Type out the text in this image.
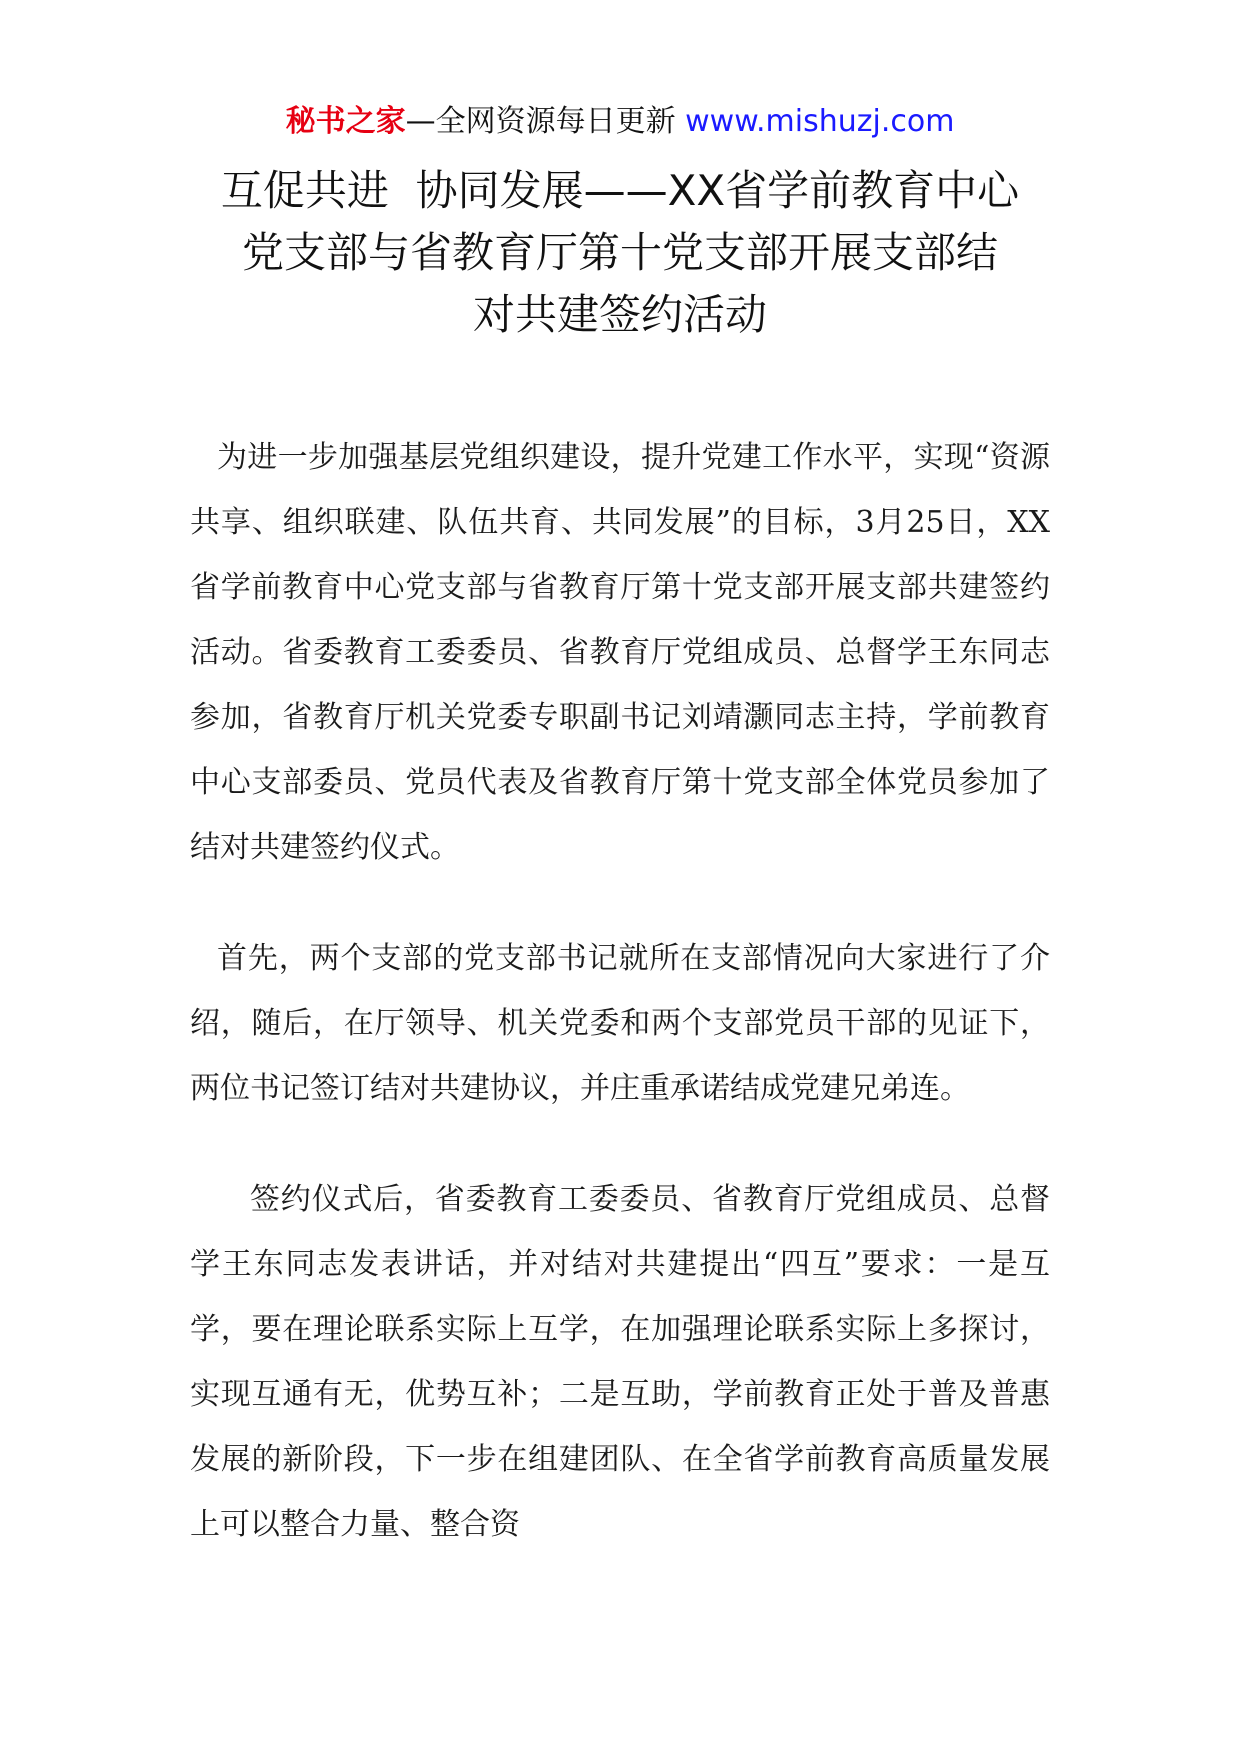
秘书之家—全网资源每日更新 www.mishuzj.com
互促共进  协同发展——XX省学前教育中心
党支部与省教育厅第十党支部开展支部结
对共建签约活动

为进一步加强基层党组织建设，提升党建工作水平，实现“资源共享、组织联建、队伍共育、共同发展”的目标，3月25日，XX省学前教育中心党支部与省教育厅第十党支部开展支部共建签约活动。省委教育工委委员、省教育厅党组成员、总督学王东同志参加，省教育厅机关党委专职副书记刘靖灏同志主持，学前教育中心支部委员、党员代表及省教育厅第十党支部全体党员参加了结对共建签约仪式。

首先，两个支部的党支部书记就所在支部情况向大家进行了介绍，随后，在厅领导、机关党委和两个支部党员干部的见证下，两位书记签订结对共建协议，并庄重承诺结成党建兄弟连。

签约仪式后，省委教育工委委员、省教育厅党组成员、总督学王东同志发表讲话，并对结对共建提出“四互”要求：一是互学，要在理论联系实际上互学，在加强理论联系实际上多探讨，实现互通有无，优势互补；二是互助，学前教育正处于普及普惠发展的新阶段，下一步在组建团队、在全省学前教育高质量发展上可以整合力量、整合资
